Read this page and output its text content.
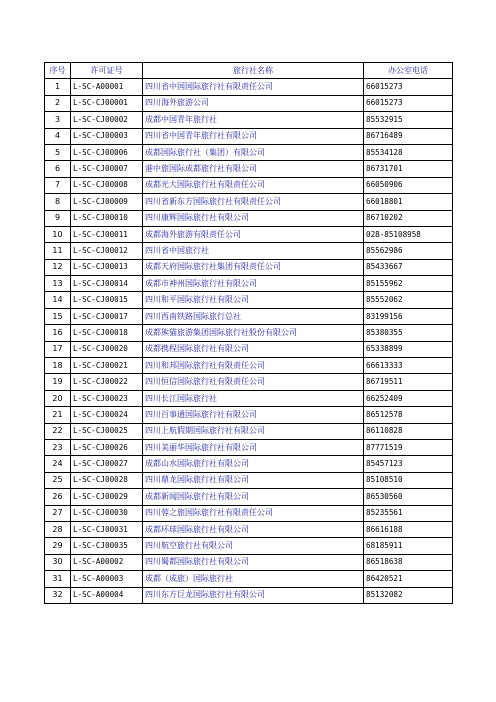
序号	许可证号	旅行社名称	办公室电话
1	L-SC-A00001	四川省中国国际旅行社有限责任公司	66015273
2	L-SC-CJ00001	四川海外旅游公司	66015273
3	L-SC-CJ00002	成都中国青年旅行社	85532915
4	L-SC-CJ00003	四川省中国青年旅行社有限公司	86716489
5	L-SC-CJ00006	成都国际旅行社（集团）有限公司	85534128
6	L-SC-CJ00007	港中旅国际成都旅行社有限公司	86731701
7	L-SC-CJ00008	成都光大国际旅行社有限责任公司	66050906
8	L-SC-CJ00009	四川省新东方国际旅行社有限责任公司	66018801
9	L-SC-CJ00010	四川康辉国际旅行社有限公司	86710202
10	L-SC-CJ00011	成都海外旅游有限责任公司	028-85108958
11	L-SC-CJ00012	四川省中国旅行社	85562986
12	L-SC-CJ00013	成都天府国际旅行社集团有限责任公司	85433667
13	L-SC-CJ00014	成都市神州国际旅行社有限公司	85155962
14	L-SC-CJ00015	四川和平国际旅行社有限公司	85552062
15	L-SC-CJ00017	四川西南铁路国际旅行总社	83199156
16	L-SC-CJ00018	成都熊猫旅游集团国际旅行社股份有限公司	85380355
17	L-SC-CJ00020	成都携程国际旅行社有限公司	65338899
18	L-SC-CJ00021	四川和邦国际旅行社有限责任公司	66613333
19	L-SC-CJ00022	四川恒信国际旅行社有限责任公司	86719511
20	L-SC-CJ00023	四川长江国际旅行社	66252409
21	L-SC-CJ00024	四川百事通国际旅行社有限公司	86512578
22	L-SC-CJ00025	四川上航假期国际旅行社有限公司	86110828
23	L-SC-CJ00026	四川美丽华国际旅行社有限公司	87771519
24	L-SC-CJ00027	成都山水国际旅行社有限公司	85457123
25	L-SC-CJ00028	四川鼎龙国际旅行社有限公司	85108510
26	L-SC-CJ00029	成都新闻国际旅行社有限公司	86530560
27	L-SC-CJ00030	四川蓉之旅国际旅行社有限责任公司	85235561
28	L-SC-CJ00031	成都环球国际旅行社有限公司	86616188
29	L-SC-CJ00035	四川航空旅行社有限公司	68185911
30	L-SC-A00002	四川蜀都国际旅行社有限公司	86518638
31	L-SC-A00003	成都（成旅）国际旅行社	86420521
32	L-SC-A00004	四川东方巨龙国际旅行社有限公司	85132082
